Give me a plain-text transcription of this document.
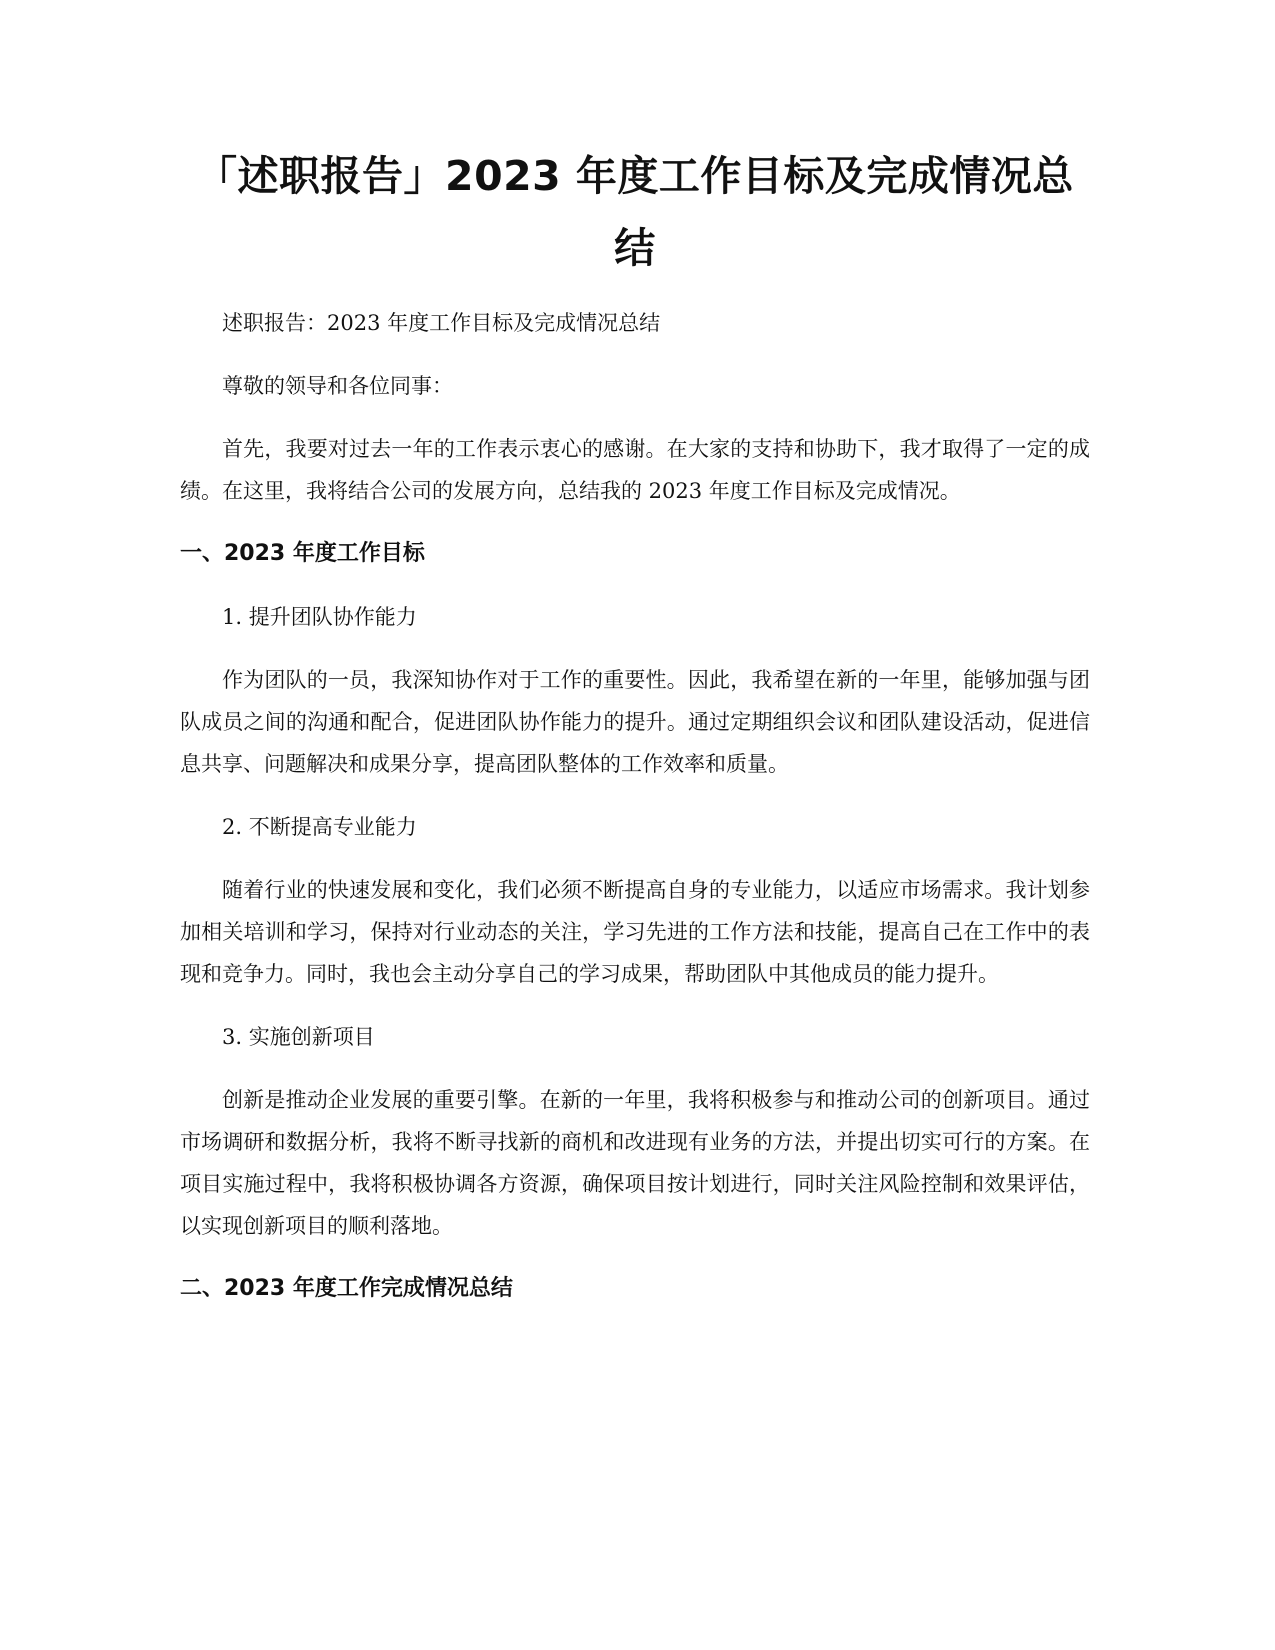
「述职报告」2023 年度工作目标及完成情况总结

述职报告：2023 年度工作目标及完成情况总结

尊敬的领导和各位同事：

首先，我要对过去一年的工作表示衷心的感谢。在大家的支持和协助下，我才取得了一定的成绩。在这里，我将结合公司的发展方向，总结我的 2023 年度工作目标及完成情况。

一、2023 年度工作目标

1. 提升团队协作能力

作为团队的一员，我深知协作对于工作的重要性。因此，我希望在新的一年里，能够加强与团队成员之间的沟通和配合，促进团队协作能力的提升。通过定期组织会议和团队建设活动，促进信息共享、问题解决和成果分享，提高团队整体的工作效率和质量。

2. 不断提高专业能力

随着行业的快速发展和变化，我们必须不断提高自身的专业能力，以适应市场需求。我计划参加相关培训和学习，保持对行业动态的关注，学习先进的工作方法和技能，提高自己在工作中的表现和竞争力。同时，我也会主动分享自己的学习成果，帮助团队中其他成员的能力提升。

3. 实施创新项目

创新是推动企业发展的重要引擎。在新的一年里，我将积极参与和推动公司的创新项目。通过市场调研和数据分析，我将不断寻找新的商机和改进现有业务的方法，并提出切实可行的方案。在项目实施过程中，我将积极协调各方资源，确保项目按计划进行，同时关注风险控制和效果评估，以实现创新项目的顺利落地。

二、2023 年度工作完成情况总结
